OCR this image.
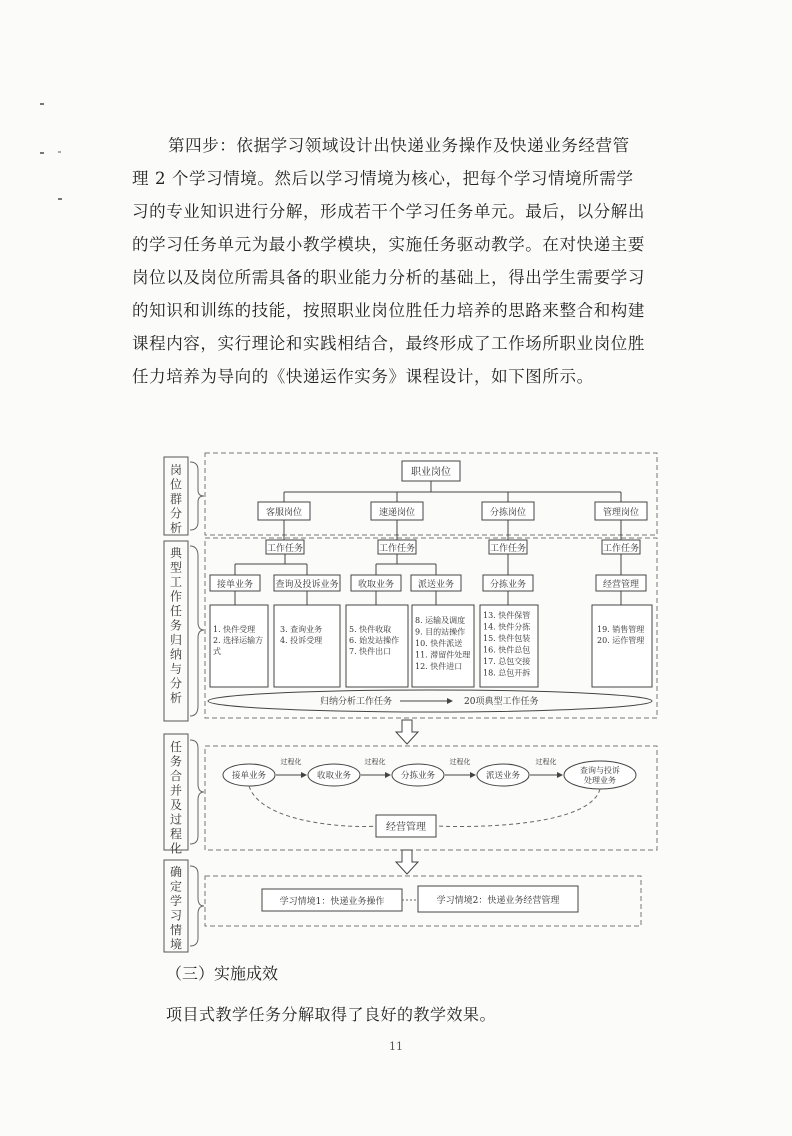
第四步：依据学习领域设计出快递业务操作及快递业务经营管
理 2 个学习情境。然后以学习情境为核心，把每个学习情境所需学
习的专业知识进行分解，形成若干个学习任务单元。最后，以分解出
的学习任务单元为最小教学模块，实施任务驱动教学。在对快递主要
岗位以及岗位所需具备的职业能力分析的基础上，得出学生需要学习
的知识和训练的技能，按照职业岗位胜任力培养的思路来整合和构建
课程内容，实行理论和实践相结合，最终形成了工作场所职业岗位胜
任力培养为导向的《快递运作实务》课程设计，如下图所示。
岗位群分析
典型工作任务归纳与分析
任务合并及过程化
确定学习情境
职业岗位
客服岗位	速递岗位	分拣岗位	管理岗位
工作任务	工作任务	工作任务	工作任务
接单业务 查询及投诉业务 收取业务	派送业务	分拣业务	经营管理
1. 快件受理
2. 选择运输方
式
3. 查询业务
4. 投诉受理
5. 快件收取
6. 始发站操作
7. 快件出口
8. 运输及调度
9. 目的站操作
10. 快件派送
11. 滞留件处理
12. 快件进口
13. 快件保管
14. 快件分拣
15. 快件包装
16. 快件总包
17. 总包交接
18. 总包开拆
19. 销售管理
20. 运作管理
归纳分析工作任务	20项典型工作任务
接单业务	收取业务	分拣业务	派送业务
查询与投诉
处理业务
过程化	过程化	过程化	过程化
经营管理
学习情境1：快递业务操作	学习情境2：快递业务经营管理
（三）实施成效
项目式教学任务分解取得了良好的教学效果。
11
